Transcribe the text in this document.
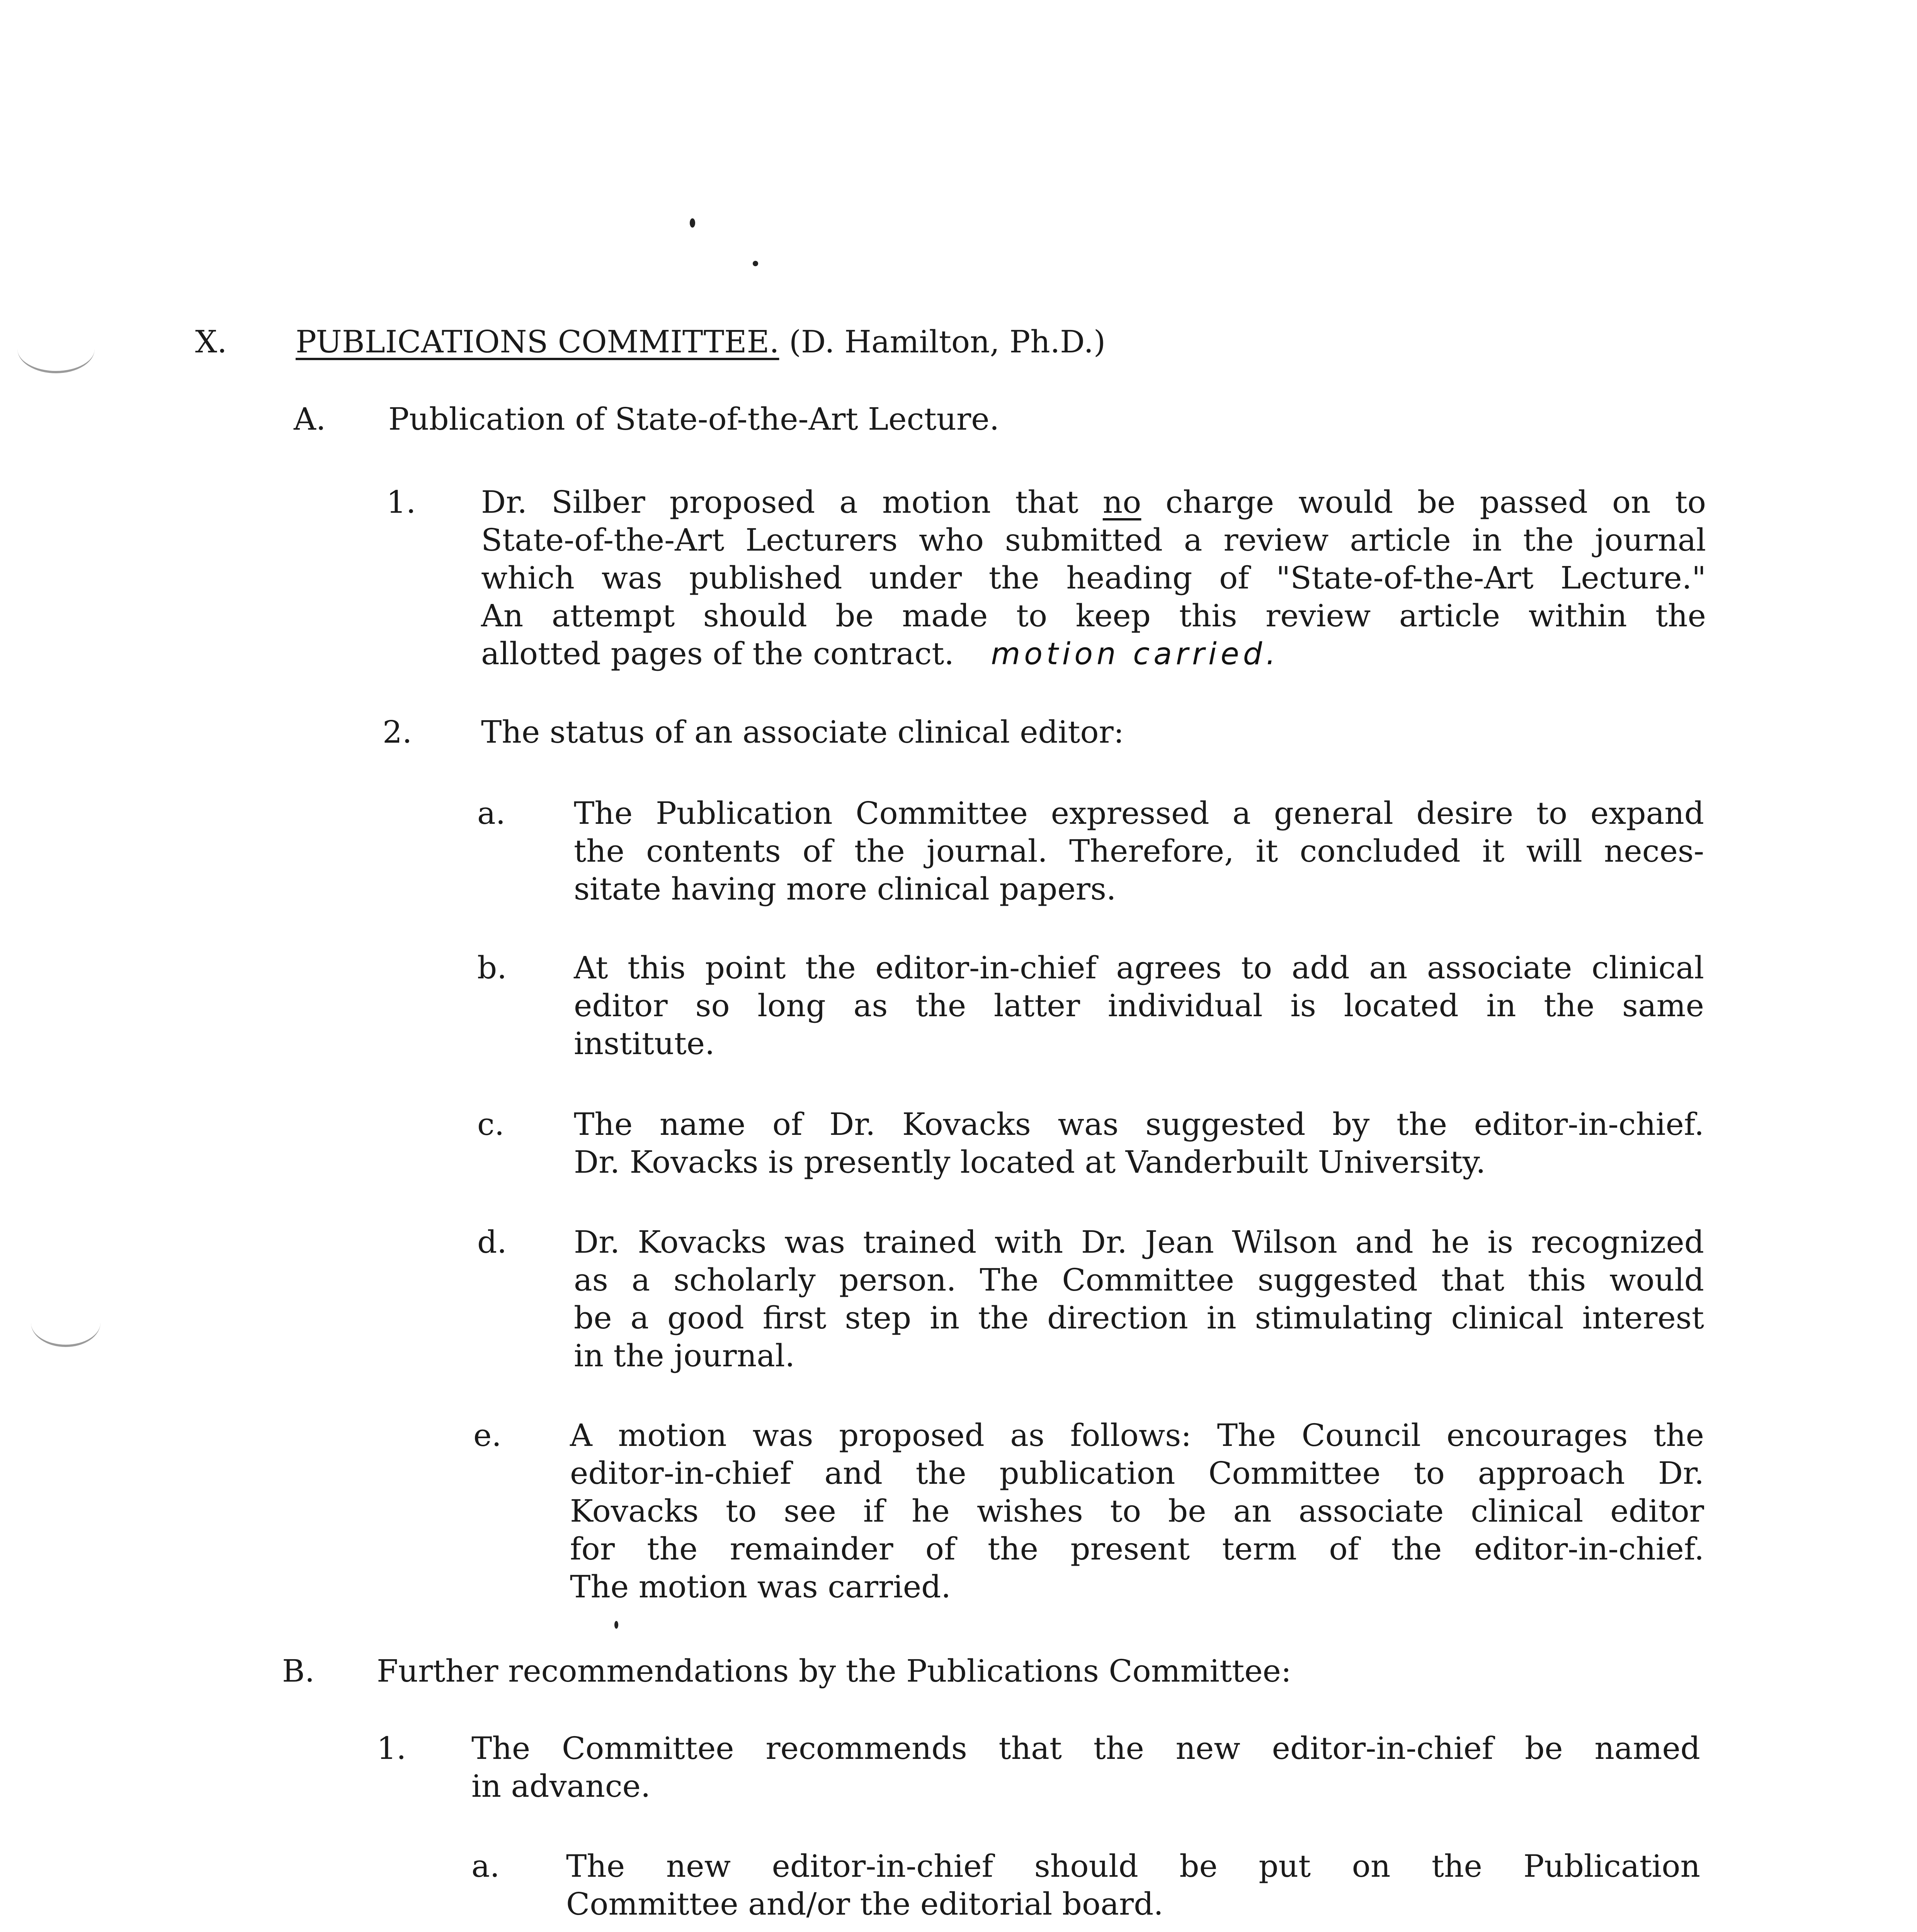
X. PUBLICATIONS COMMITTEE. (D. Hamilton, Ph.D.)
A. Publication of State-of-the-Art Lecture.
1. Dr. Silber proposed a motion that no charge would be passed on to
State-of-the-Art Lecturers who submitted a review article in the journal
which was published under the heading of "State-of-the-Art Lecture."
An attempt should be made to keep this review article within the
allotted pages of the contract. motion carried.
2. The status of an associate clinical editor:
a. The Publication Committee expressed a general desire to expand
the contents of the journal. Therefore, it concluded it will neces-
sitate having more clinical papers.
b. At this point the editor-in-chief agrees to add an associate clinical
editor so long as the latter individual is located in the same
institute.
c. The name of Dr. Kovacks was suggested by the editor-in-chief.
Dr. Kovacks is presently located at Vanderbuilt University.
d. Dr. Kovacks was trained with Dr. Jean Wilson and he is recognized
as a scholarly person. The Committee suggested that this would
be a good first step in the direction in stimulating clinical interest
in the journal.
e. A motion was proposed as follows: The Council encourages the
editor-in-chief and the publication Committee to approach Dr.
Kovacks to see if he wishes to be an associate clinical editor
for the remainder of the present term of the editor-in-chief.
The motion was carried.
B. Further recommendations by the Publications Committee:
1. The Committee recommends that the new editor-in-chief be named
in advance.
a. The new editor-in-chief should be put on the Publication
Committee and/or the editorial board.
